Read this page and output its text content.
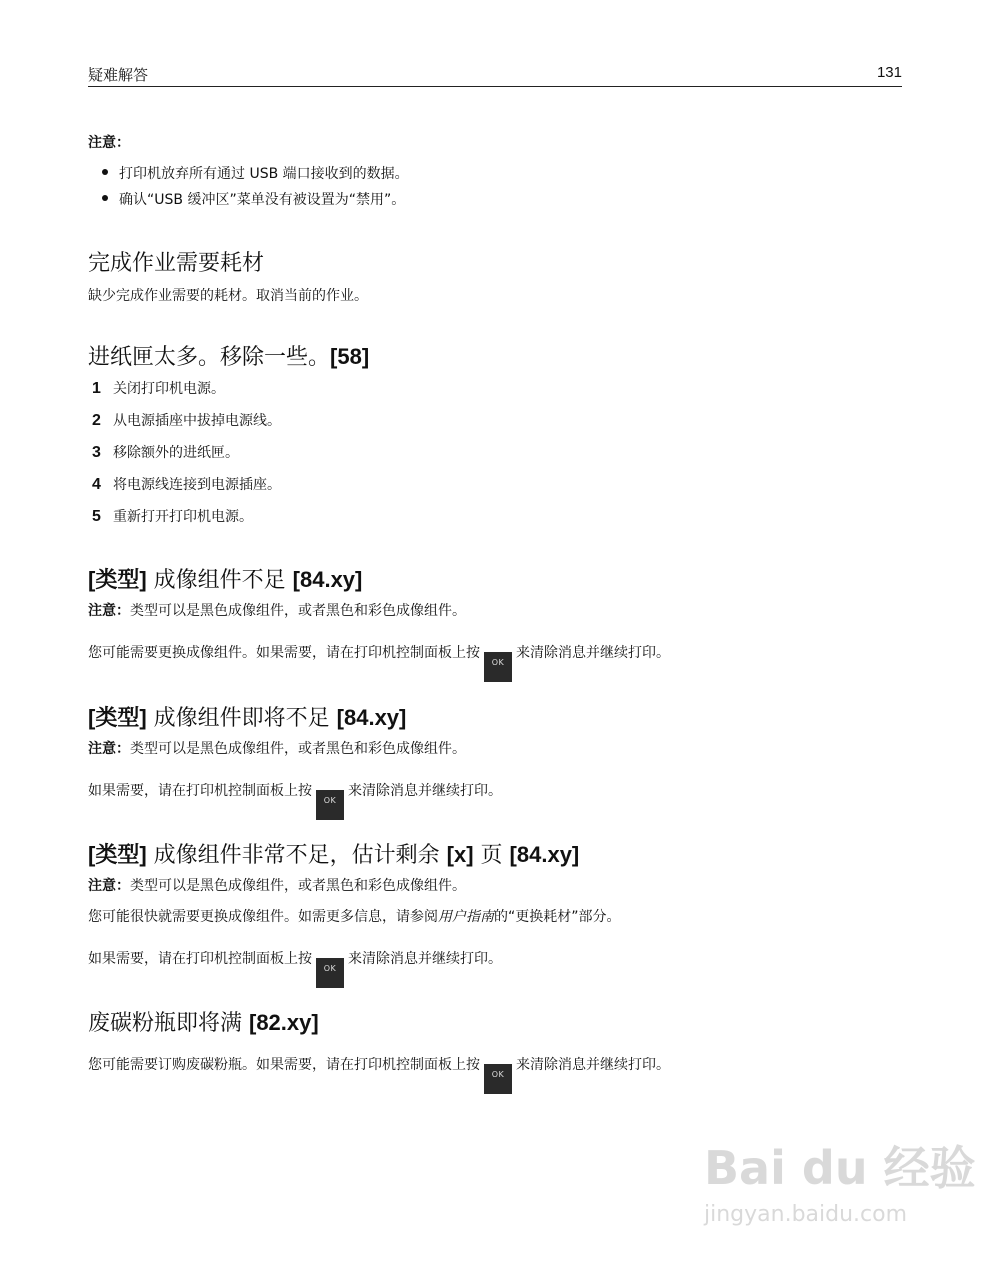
疑难解答	131
注意：
打印机放弃所有通过 USB 端口接收到的数据。
确认“USB 缓冲区”菜单没有被设置为“禁用”。
完成作业需要耗材
缺少完成作业需要的耗材。取消当前的作业。
进纸匣太多。移除一些。[58]
1 关闭打印机电源。
2 从电源插座中拔掉电源线。
3 移除额外的进纸匣。
4 将电源线连接到电源插座。
5 重新打开打印机电源。
[类型] 成像组件不足 [84.xy]
注意：类型可以是黑色成像组件，或者黑色和彩色成像组件。
您可能需要更换成像组件。如果需要，请在打印机控制面板上按OK来清除消息并继续打印。
[类型] 成像组件即将不足 [84.xy]
注意：类型可以是黑色成像组件，或者黑色和彩色成像组件。
如果需要，请在打印机控制面板上按OK来清除消息并继续打印。
[类型] 成像组件非常不足，估计剩余 [x] 页 [84.xy]
注意：类型可以是黑色成像组件，或者黑色和彩色成像组件。
您可能很快就需要更换成像组件。如需更多信息，请参阅用户指南的“更换耗材”部分。
如果需要，请在打印机控制面板上按OK来清除消息并继续打印。
废碳粉瓶即将满 [82.xy]
您可能需要订购废碳粉瓶。如果需要，请在打印机控制面板上按OK来清除消息并继续打印。
Bai du 经验
jingyan.baidu.com
